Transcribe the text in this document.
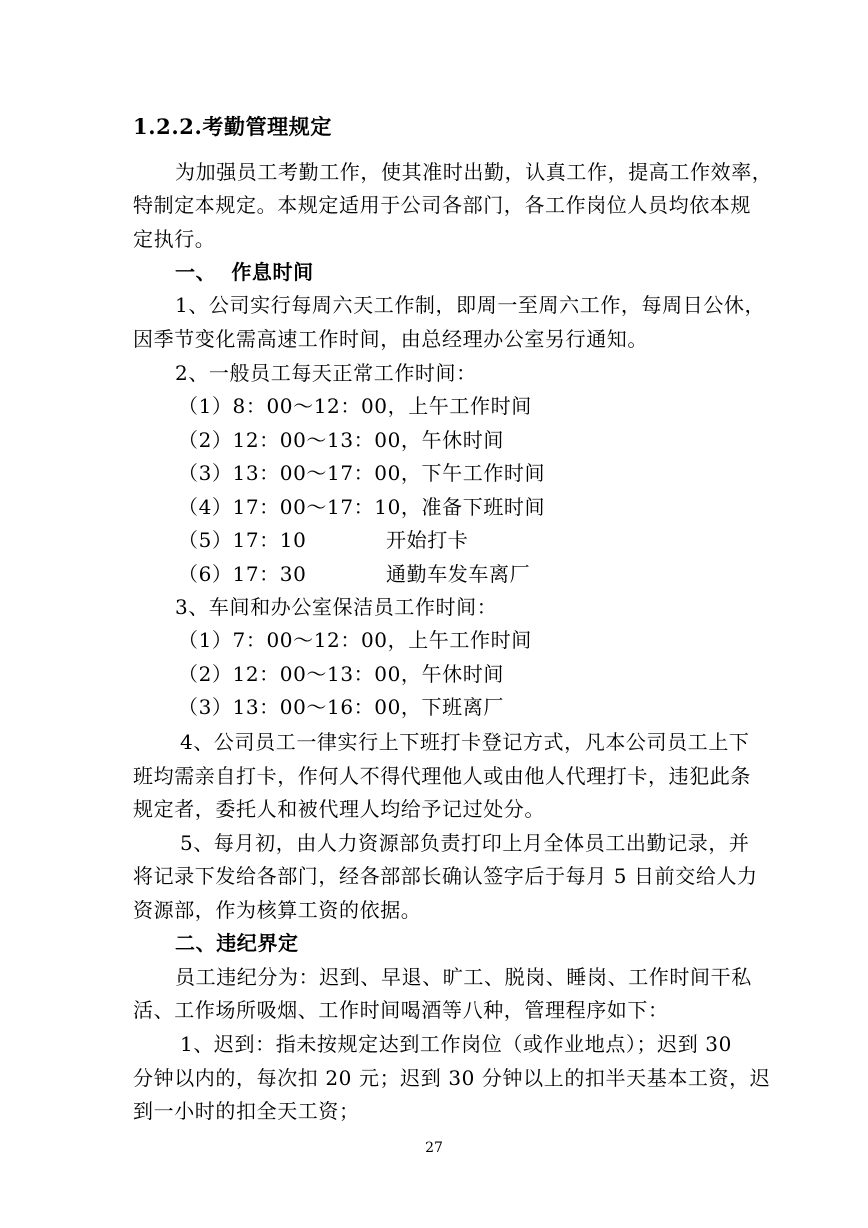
1.2.2.考勤管理规定
为加强员工考勤工作，使其准时出勤，认真工作，提高工作效率，
特制定本规定。本规定适用于公司各部门，各工作岗位人员均依本规
定执行。
一、  作息时间
1、公司实行每周六天工作制，即周一至周六工作，每周日公休，
因季节变化需高速工作时间，由总经理办公室另行通知。
2、一般员工每天正常工作时间：
（1）8：00～12：00，上午工作时间
（2）12：00～13：00，午休时间
（3）13：00～17：00，下午工作时间
（4）17：00～17：10，准备下班时间
（5）17：10	开始打卡
（6）17：30	通勤车发车离厂
3、车间和办公室保洁员工作时间：
（1）7：00～12：00，上午工作时间
（2）12：00～13：00，午休时间
（3）13：00～16：00，下班离厂
4、公司员工一律实行上下班打卡登记方式，凡本公司员工上下
班均需亲自打卡，作何人不得代理他人或由他人代理打卡，违犯此条
规定者，委托人和被代理人均给予记过处分。
5、每月初，由人力资源部负责打印上月全体员工出勤记录，并
将记录下发给各部门，经各部部长确认签字后于每月 5 日前交给人力
资源部，作为核算工资的依据。
二、违纪界定
员工违纪分为：迟到、早退、旷工、脱岗、睡岗、工作时间干私
活、工作场所吸烟、工作时间喝酒等八种，管理程序如下：
1、迟到：指未按规定达到工作岗位（或作业地点）；迟到 30
分钟以内的，每次扣 20 元；迟到 30 分钟以上的扣半天基本工资，迟
到一小时的扣全天工资；
27
